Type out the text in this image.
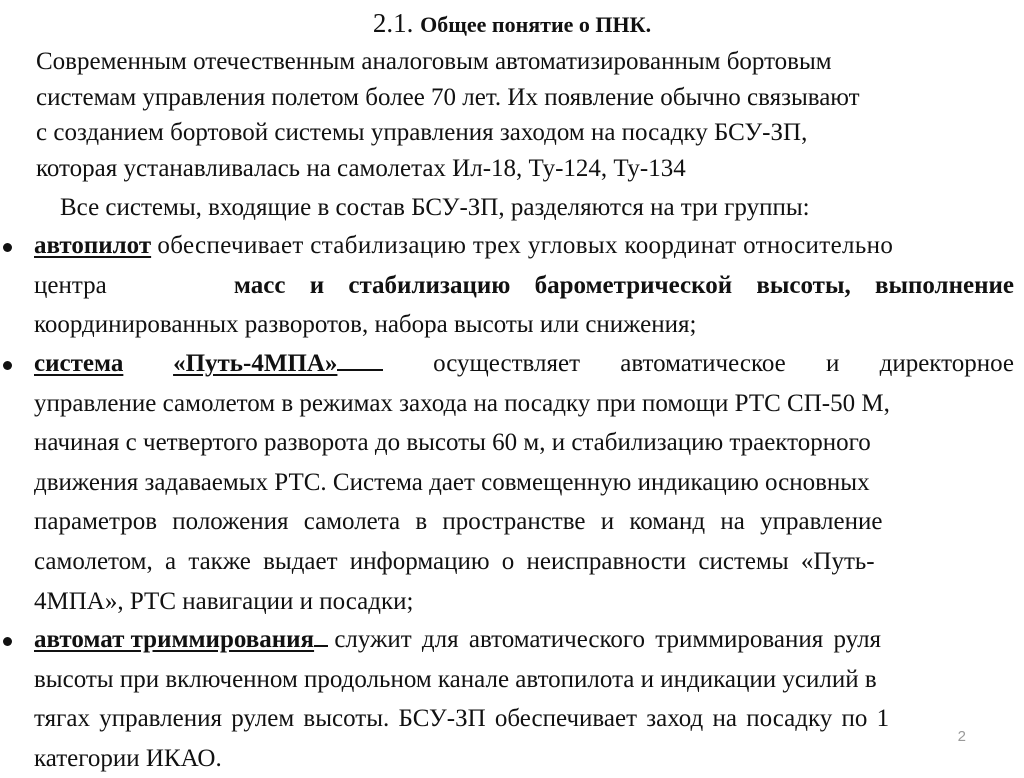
2.1. Общее понятие о ПНК.
Современным отечественным аналоговым автоматизированным бортовым
системам управления полетом более 70 лет. Их появление обычно связывают
с созданием бортовой системы управления заходом на посадку БСУ-ЗП,
которая устанавливалась на самолетах Ил-18, Ту-124, Ту-134
Все системы, входящие в состав БСУ-ЗП, разделяются на три группы:
автопилот обеспечивает стабилизацию трех угловых координат относительно
центра	масс и стабилизацию барометрической высоты, выполнение
координированных разворотов, набора высоты или снижения;
система «Путь-4МПА»	осуществляет автоматическое и директорное
управление самолетом в режимах захода на посадку при помощи РТС СП-50 М,
начиная с четвертого разворота до высоты 60 м, и стабилизацию траекторного
движения задаваемых РТС. Система дает совмещенную индикацию основных
параметров положения самолета в пространстве и команд на управление
самолетом, а также выдает информацию о неисправности системы «Путь-
4МПА», РТС навигации и посадки;
автомат триммирования служит для автоматического триммирования руля
высоты при включенном продольном канале автопилота и индикации усилий в
тягах управления рулем высоты. БСУ-ЗП обеспечивает заход на посадку по 1
категории ИКАО.
2
